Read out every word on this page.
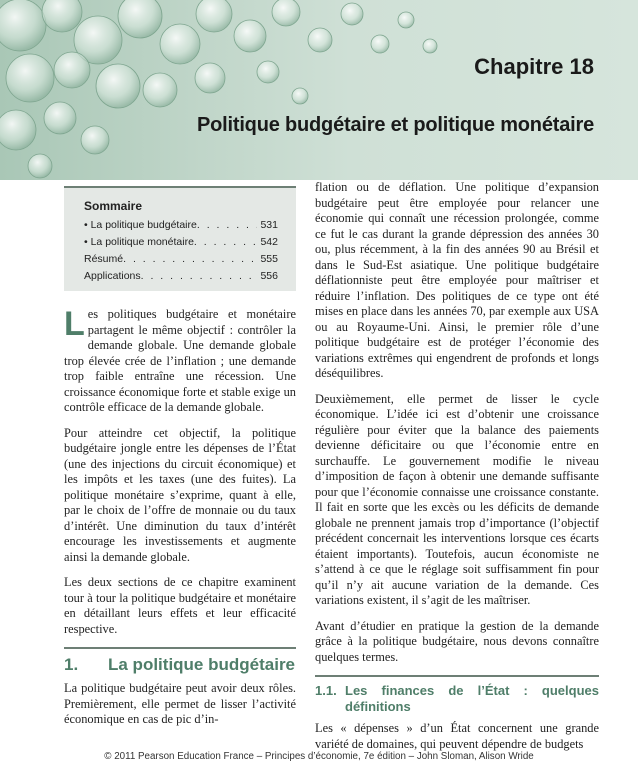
Chapitre 18
Politique budgétaire et politique monétaire
Sommaire
• La politique budgétaire . . .	531
• La politique monétaire . . .	542
Résumé . . .	555
Applications . . .	556

Les politiques budgétaire et monétaire partagent le même objectif : contrôler la demande globale. Une demande globale trop élevée crée de l’inflation ; une demande trop faible entraîne une récession. Une croissance économique forte et stable exige un contrôle efficace de la demande globale.

Pour atteindre cet objectif, la politique budgétaire jongle entre les dépenses de l’État (une des injections du circuit économique) et les impôts et les taxes (une des fuites). La politique monétaire s’exprime, quant à elle, par le choix de l’offre de monnaie ou du taux d’intérêt. Une diminution du taux d’intérêt encourage les investissements et augmente ainsi la demande globale.

Les deux sections de ce chapitre examinent tour à tour la politique budgétaire et monétaire en détaillant leurs effets et leur efficacité respective.

1.	La politique budgétaire

La politique budgétaire peut avoir deux rôles. Premièrement, elle permet de lisser l’activité économique en cas de pic d’in-

flation ou de déflation. Une politique d’expansion budgétaire peut être employée pour relancer une économie qui connaît une récession prolongée, comme ce fut le cas durant la grande dépression des années 30 ou, plus récemment, à la fin des années 90 au Brésil et dans le Sud-Est asiatique. Une politique budgétaire déflationniste peut être employée pour maîtriser et réduire l’inflation. Des politiques de ce type ont été mises en place dans les années 70, par exemple aux USA ou au Royaume-Uni. Ainsi, le premier rôle d’une politique budgétaire est de protéger l’économie des variations extrêmes qui engendrent de profonds et longs déséquilibres.

Deuxièmement, elle permet de lisser le cycle économique. L’idée ici est d’obtenir une croissance régulière pour éviter que la balance des paiements devienne déficitaire ou que l’économie entre en surchauffe. Le gouvernement modifie le niveau d’imposition de façon à obtenir une demande suffisante pour que l’économie connaisse une croissance constante. Il fait en sorte que les excès ou les déficits de demande globale ne prennent jamais trop d’importance (l’objectif précédent concernait les interventions lorsque ces écarts étaient importants). Toutefois, aucun économiste ne s’attend à ce que le réglage soit suffisamment fin pour qu’il n’y ait aucune variation de la demande. Ces variations existent, il s’agit de les maîtriser.

Avant d’étudier en pratique la gestion de la demande grâce à la politique budgétaire, nous devons connaître quelques termes.

1.1. Les finances de l’État : quelques définitions

Les « dépenses » d’un État concernent une grande variété de domaines, qui peuvent dépendre de budgets

© 2011 Pearson Education France – Principes d’économie, 7e édition – John Sloman, Alison Wride
